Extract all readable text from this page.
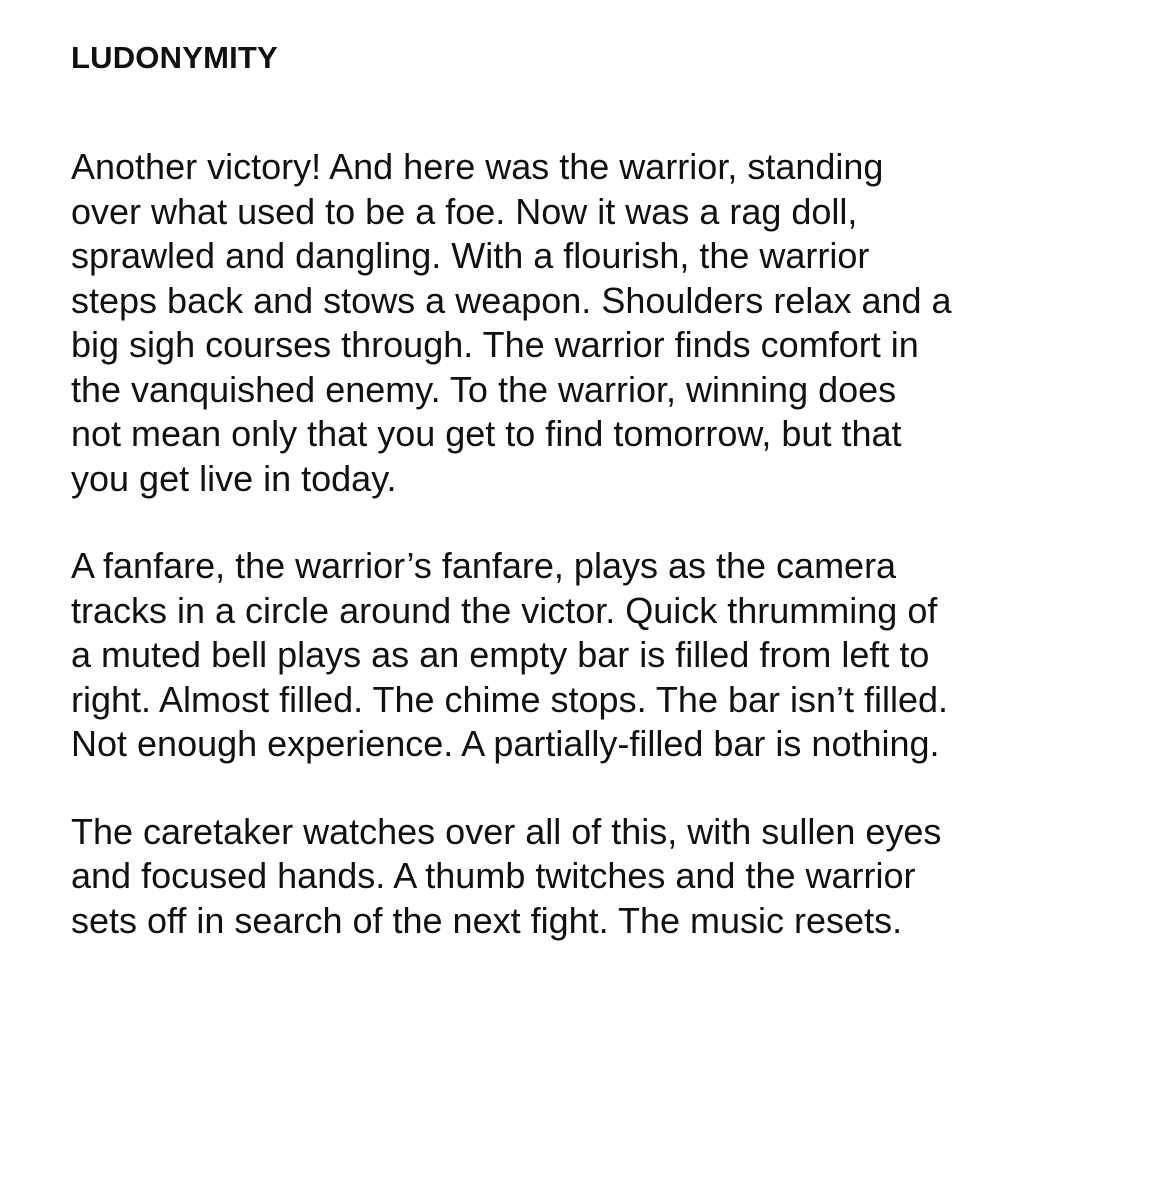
LUDONYMITY

Another victory! And here was the warrior, standing
over what used to be a foe. Now it was a rag doll,
sprawled and dangling. With a flourish, the warrior
steps back and stows a weapon. Shoulders relax and a
big sigh courses through. The warrior finds comfort in
the vanquished enemy. To the warrior, winning does
not mean only that you get to find tomorrow, but that
you get live in today.

A fanfare, the warrior’s fanfare, plays as the camera
tracks in a circle around the victor. Quick thrumming of
a muted bell plays as an empty bar is filled from left to
right. Almost filled. The chime stops. The bar isn’t filled.
Not enough experience. A partially-filled bar is nothing.

The caretaker watches over all of this, with sullen eyes
and focused hands. A thumb twitches and the warrior
sets off in search of the next fight. The music resets.
